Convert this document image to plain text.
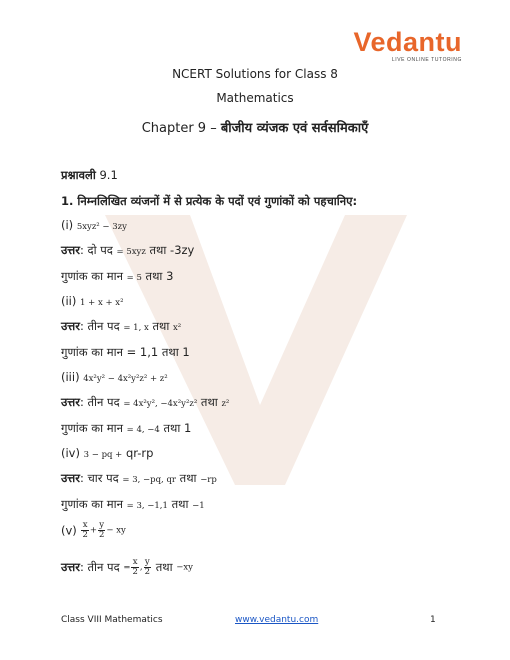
Vedantu
LIVE ONLINE TUTORING
NCERT Solutions for Class 8
Mathematics
Chapter 9 – बीजीय व्यंजक एवं सर्वसमिकाएँ
प्रश्नावली 9.1
1. निम्नलिखित व्यंजनों में से प्रत्येक के पदों एवं गुणांकों को पहचानिए:
(i) 5xyz² − 3zy
उत्तर: दो पद = 5xyz तथा -3zy
गुणांक का मान = 5 तथा 3
(ii) 1 + x + x²
उत्तर: तीन पद = 1, x तथा x²
गुणांक का मान = 1,1 तथा 1
(iii) 4x²y² − 4x²y²z² + z²
उत्तर: तीन पद = 4x²y², −4x²y²z² तथा z²
गुणांक का मान = 4, −4 तथा 1
(iv) 3 − pq + qr-rp
उत्तर: चार पद = 3, −pq, qr तथा −rp
गुणांक का मान = 3, −1,1 तथा −1
$(v) \frac{x}{2} + \frac{y}{2}$ − xy
उत्तर: तीन पद = $\frac{x}{2}$ , $\frac{y}{2}$ तथा −xy
Class VIII Mathematics	www.vedantu.com	1
